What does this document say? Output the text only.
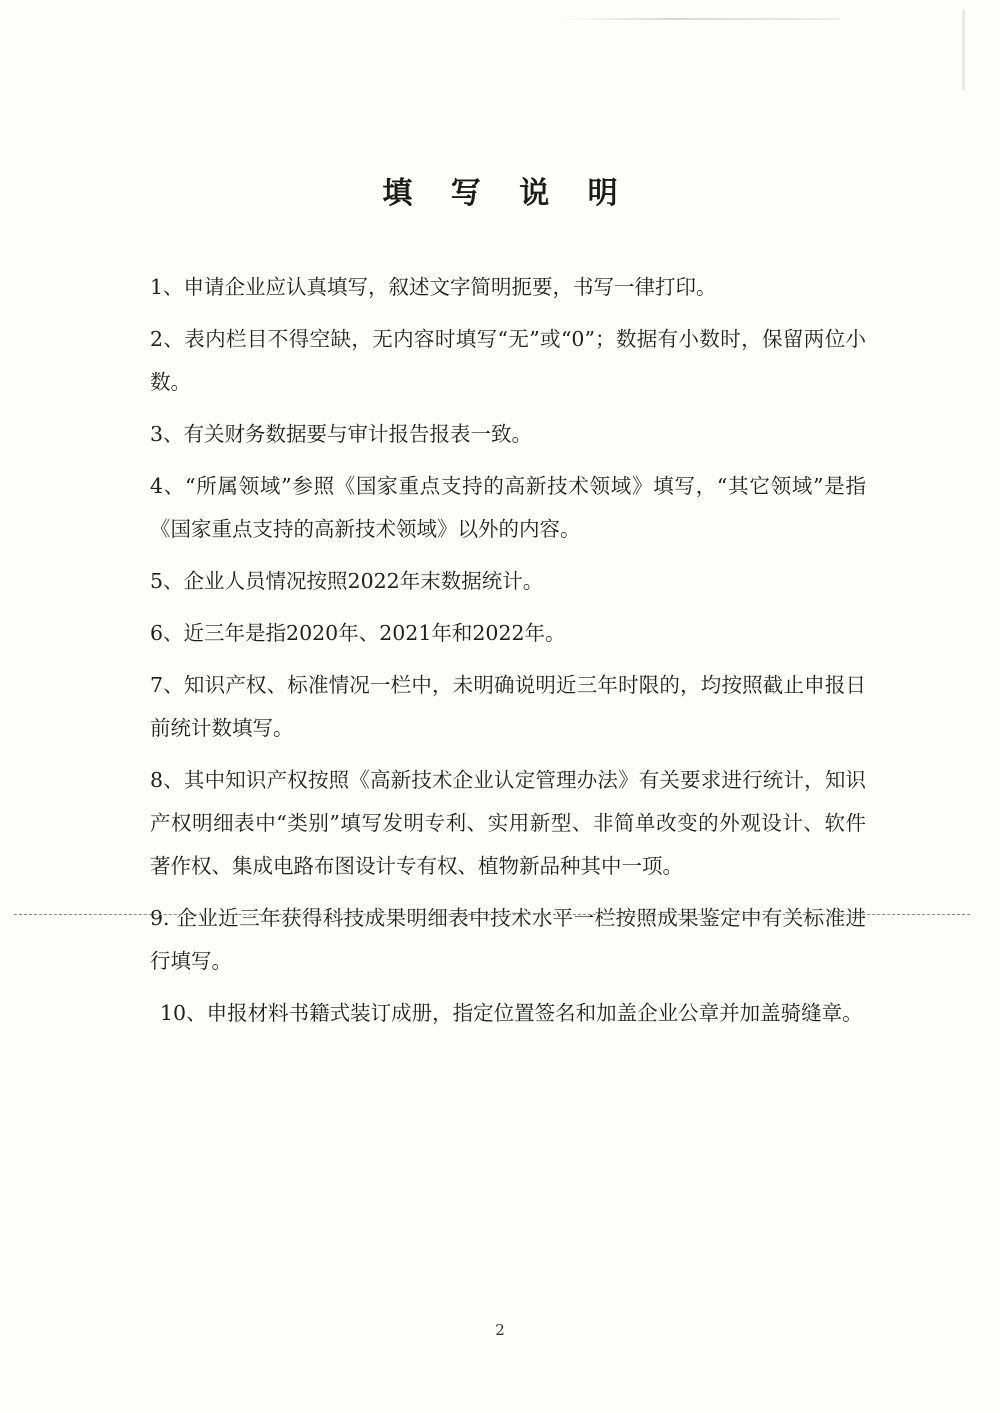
填 写 说 明

1、申请企业应认真填写，叙述文字简明扼要，书写一律打印。

2、表内栏目不得空缺，无内容时填写“无”或“0”；数据有小数时，保留两位小数。

3、有关财务数据要与审计报告报表一致。

4、“所属领域”参照《国家重点支持的高新技术领域》填写，“其它领域”是指《国家重点支持的高新技术领域》以外的内容。

5、企业人员情况按照2022年末数据统计。

6、近三年是指2020年、2021年和2022年。

7、知识产权、标准情况一栏中，未明确说明近三年时限的，均按照截止申报日前统计数填写。

8、其中知识产权按照《高新技术企业认定管理办法》有关要求进行统计，知识产权明细表中“类别”填写发明专利、实用新型、非简单改变的外观设计、软件著作权、集成电路布图设计专有权、植物新品种其中一项。

9. 企业近三年获得科技成果明细表中技术水平一栏按照成果鉴定中有关标准进行填写。

10、申报材料书籍式装订成册，指定位置签名和加盖企业公章并加盖骑缝章。

2
